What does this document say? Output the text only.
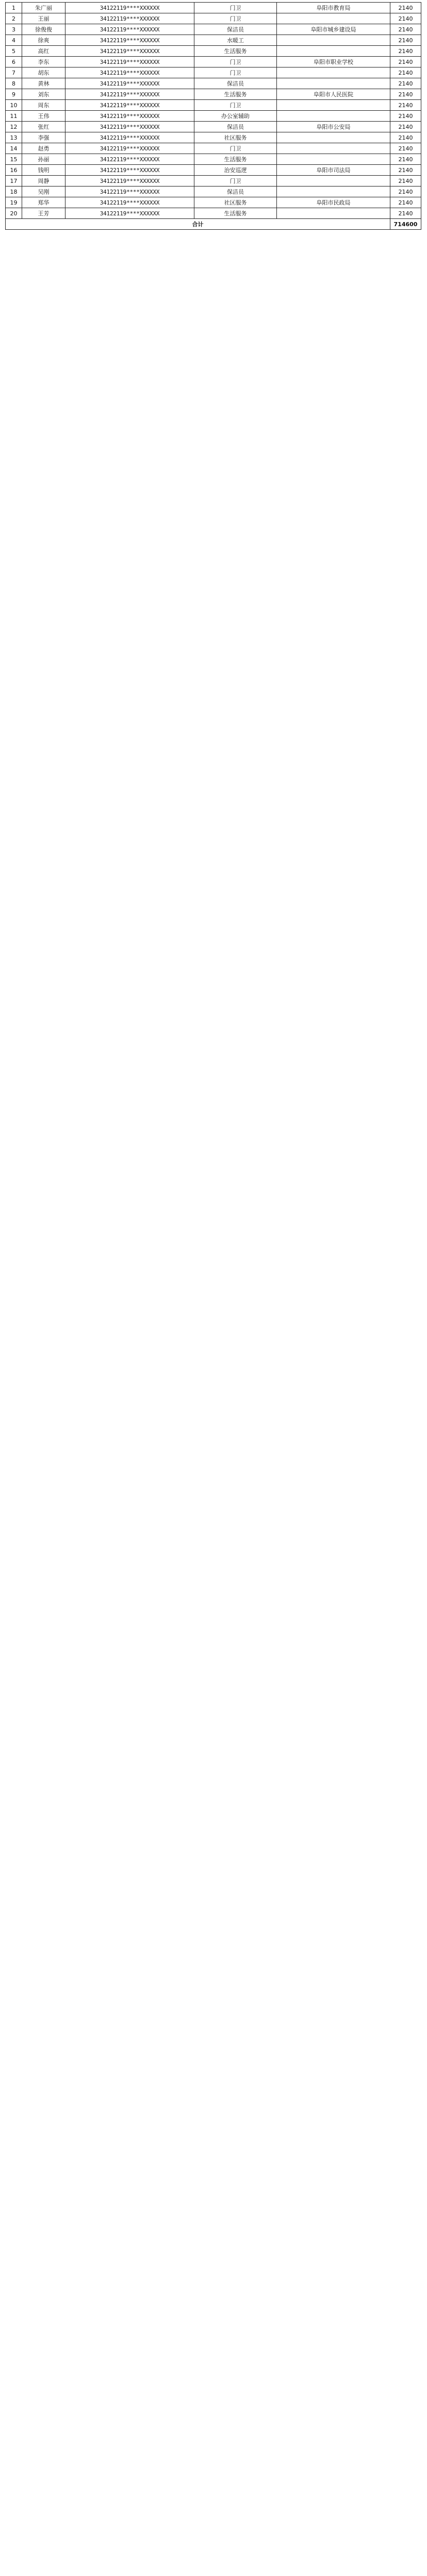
1	朱广丽	34122119****XXXXXX	门卫	阜阳市教育局	2140
2	王丽	34122119****XXXXXX	门卫		2140
3	徐俊俊	34122119****XXXXXX	保洁员	阜阳市城乡建设局	2140
4	徐爽	34122119****XXXXXX	水暖工		2140
5	高红	34122119****XXXXXX	生活服务		2140
6	李东	34122119****XXXXXX	门卫	阜阳市职业学校	2140
7	胡东	34122119****XXXXXX	门卫		2140
8	黄林	34122119****XXXXXX	保洁员		2140
9	刘东	34122119****XXXXXX	生活服务	阜阳市人民医院	2140
10	周东	34122119****XXXXXX	门卫		2140
11	王伟	34122119****XXXXXX	办公室辅助		2140
12	张红	34122119****XXXXXX	保洁员	阜阳市公安局	2140
13	李强	34122119****XXXXXX	社区服务		2140
14	赵勇	34122119****XXXXXX	门卫		2140
15	孙丽	34122119****XXXXXX	生活服务		2140
16	钱明	34122119****XXXXXX	治安巡逻	阜阳市司法局	2140
17	周静	34122119****XXXXXX	门卫		2140
18	吴刚	34122119****XXXXXX	保洁员		2140
19	郑华	34122119****XXXXXX	社区服务	阜阳市民政局	2140
20	王芳	34122119****XXXXXX	生活服务		2140
合计					714600
